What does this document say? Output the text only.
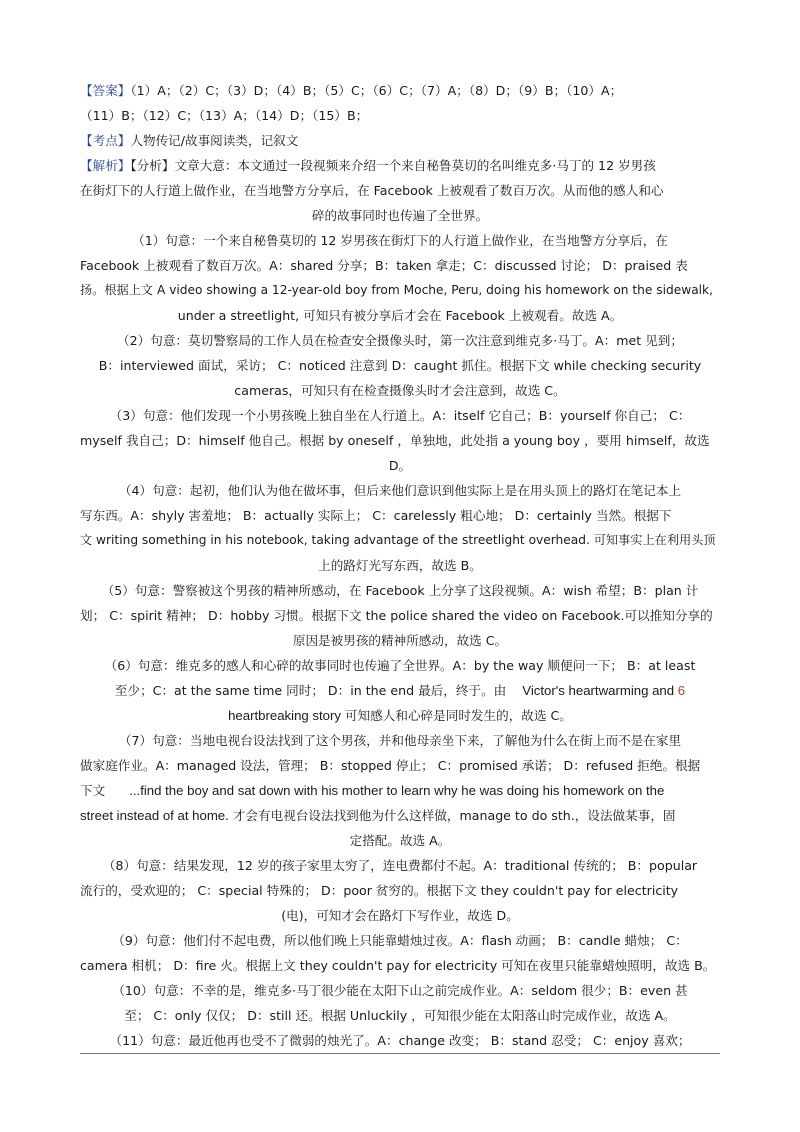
【答案】（1）A；（2）C；（3）D；（4）B；（5）C；（6）C；（7）A；（8）D；（9）B；（10）A；
（11）B；（12）C；（13）A；（14）D；（15）B；
【考点】人物传记/故事阅读类，记叙文
【解析】【分析】文章大意：本文通过一段视频来介绍一个来自秘鲁莫切的名叫维克多·马丁的 12 岁男孩
在街灯下的人行道上做作业，在当地警方分享后，在 Facebook 上被观看了数百万次。从而他的感人和心
碎的故事同时也传遍了全世界。
（1）句意：一个来自秘鲁莫切的 12 岁男孩在街灯下的人行道上做作业，在当地警方分享后，在
Facebook 上被观看了数百万次。A：shared 分享；B：taken 拿走；C：discussed 讨论； D：praised 表
扬。根据上文 A video showing a 12-year-old boy from Moche, Peru, doing his homework on the sidewalk,
under a streetlight, 可知只有被分享后才会在 Facebook 上被观看。故选 A。
（2）句意：莫切警察局的工作人员在检查安全摄像头时，第一次注意到维克多·马丁。A：met 见到；
B：interviewed 面试，采访； C：noticed 注意到 D：caught 抓住。根据下文 while checking security
cameras，可知只有在检查摄像头时才会注意到，故选 C。
（3）句意：他们发现一个小男孩晚上独自坐在人行道上。A：itself 它自己；B：yourself 你自己； C：
myself 我自己；D：himself 他自己。根据 by oneself ，单独地，此处指 a young boy ，要用 himself，故选
D。
（4）句意：起初，他们认为他在做坏事，但后来他们意识到他实际上是在用头顶上的路灯在笔记本上
写东西。A：shyly 害羞地； B：actually 实际上； C：carelessly 粗心地； D：certainly 当然。根据下
文 writing something in his notebook, taking advantage of the streetlight overhead. 可知事实上在利用头顶
上的路灯光写东西，故选 B。
（5）句意：警察被这个男孩的精神所感动，在 Facebook 上分享了这段视频。A：wish 希望；B：plan 计
划； C：spirit 精神； D：hobby 习惯。根据下文 the police shared the video on Facebook.可以推知分享的
原因是被男孩的精神所感动，故选 C。
（6）句意：维克多的感人和心碎的故事同时也传遍了全世界。A：by the way 顺便问一下； B：at least
至少；C：at the same time 同时； D：in the end 最后，终于。由 Victor's heartwarming and 6
heartbreaking story 可知感人和心碎是同时发生的，故选 C。
（7）句意：当地电视台设法找到了这个男孩，并和他母亲坐下来，了解他为什么在街上而不是在家里
做家庭作业。A：managed 设法，管理； B：stopped 停止； C：promised 承诺； D：refused 拒绝。根据
下文 ...find the boy and sat down with his mother to learn why he was doing his homework on the
street instead of at home. 才会有电视台设法找到他为什么这样做，manage to do sth.，设法做某事，固
定搭配。故选 A。
（8）句意：结果发现，12 岁的孩子家里太穷了，连电费都付不起。A：traditional 传统的； B：popular
流行的，受欢迎的； C：special 特殊的； D：poor 贫穷的。根据下文 they couldn't pay for electricity
(电)，可知才会在路灯下写作业，故选 D。
（9）句意：他们付不起电费，所以他们晚上只能靠蜡烛过夜。A：flash 动画； B：candle 蜡烛； C：
camera 相机； D：fire 火。根据上文 they couldn't pay for electricity 可知在夜里只能靠蜡烛照明，故选 B。
（10）句意：不幸的是，维克多·马丁很少能在太阳下山之前完成作业。A：seldom 很少；B：even 甚
至； C：only 仅仅； D：still 还。根据 Unluckily ，可知很少能在太阳落山时完成作业，故选 A。
（11）句意：最近他再也受不了微弱的烛光了。A：change 改变； B：stand 忍受； C：enjoy 喜欢；
